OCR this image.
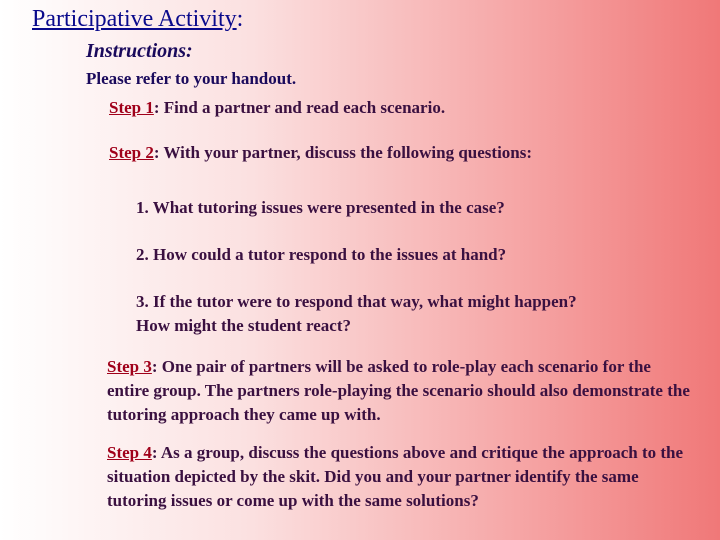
Participative Activity:
Instructions:
Please refer to your handout.
Step 1: Find a partner and read each scenario.
Step 2: With your partner, discuss the following questions:
1. What tutoring issues were presented in the case?
2. How could a tutor respond to the issues at hand?
3. If the tutor were to respond that way, what might happen? How might the student react?
Step 3: One pair of partners will be asked to role-play each scenario for the entire group. The partners role-playing the scenario should also demonstrate the tutoring approach they came up with.
Step 4: As a group, discuss the questions above and critique the approach to the situation depicted by the skit. Did you and your partner identify the same tutoring issues or come up with the same solutions?
